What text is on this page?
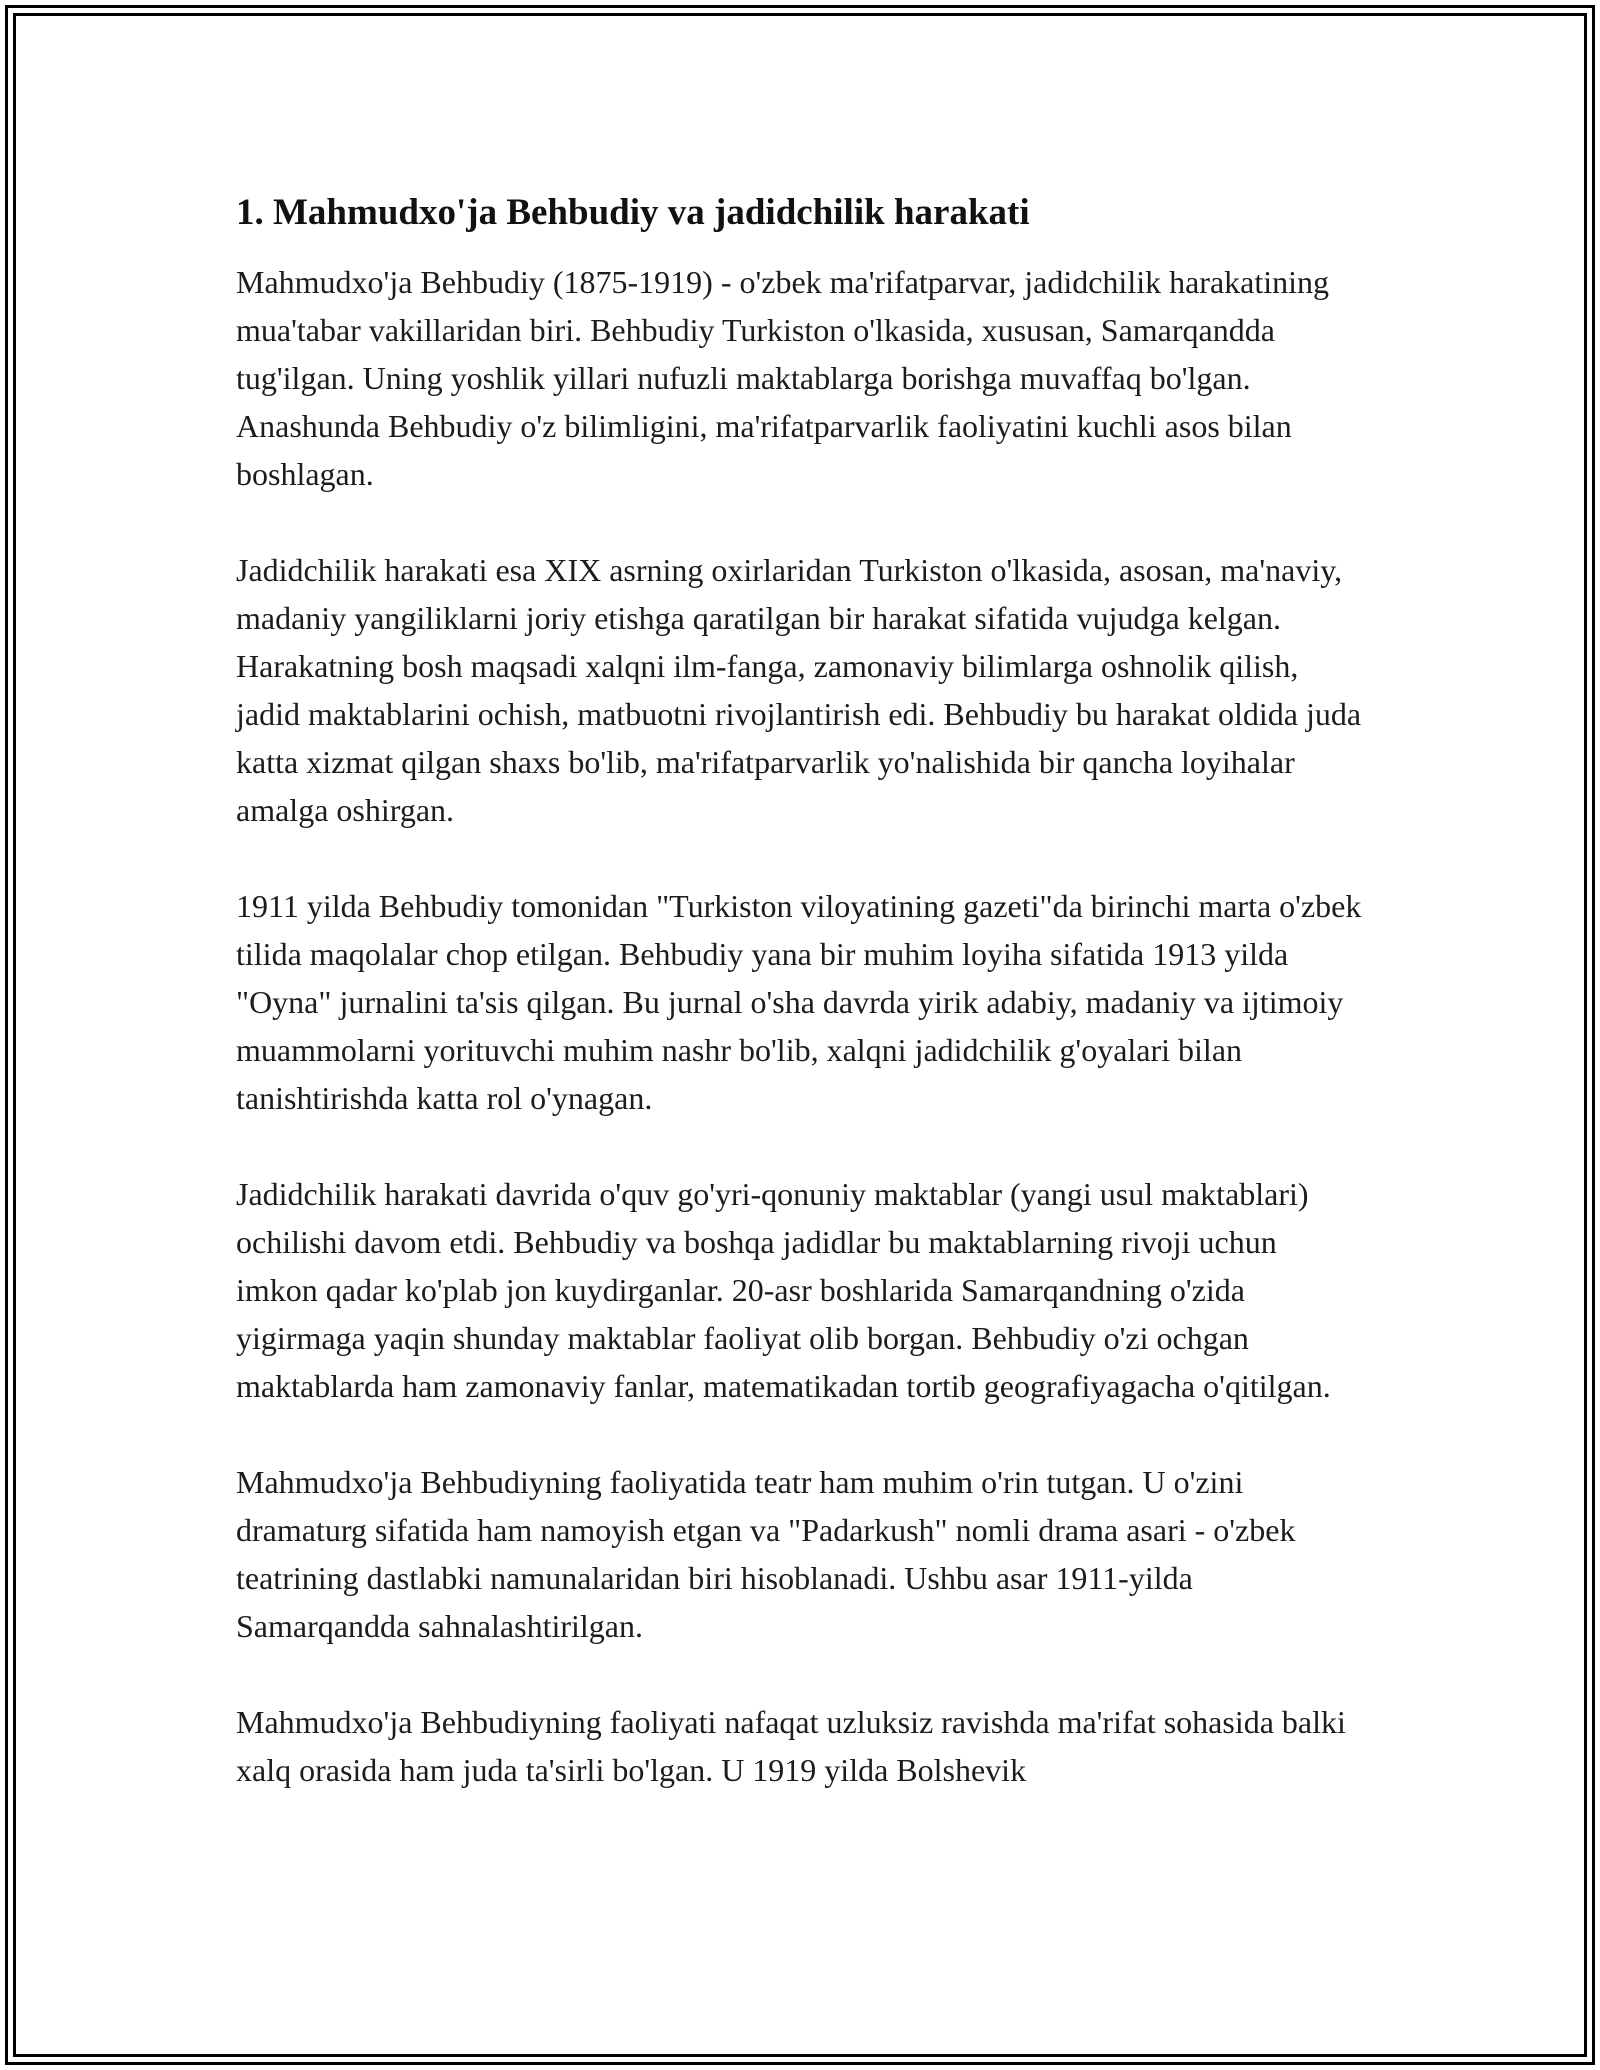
1. Mahmudxo'ja Behbudiy va jadidchilik harakati

Mahmudxo'ja Behbudiy (1875-1919) - o'zbek ma'rifatparvar, jadidchilik harakatining mua'tabar vakillaridan biri. Behbudiy Turkiston o'lkasida, xususan, Samarqandda tug'ilgan. Uning yoshlik yillari nufuzli maktablarga borishga muvaffaq bo'lgan. Anashunda Behbudiy o'z bilimligini, ma'rifatparvarlik faoliyatini kuchli asos bilan boshlagan.

Jadidchilik harakati esa XIX asrning oxirlaridan Turkiston o'lkasida, asosan, ma'naviy, madaniy yangiliklarni joriy etishga qaratilgan bir harakat sifatida vujudga kelgan. Harakatning bosh maqsadi xalqni ilm-fanga, zamonaviy bilimlarga oshnolik qilish, jadid maktablarini ochish, matbuotni rivojlantirish edi. Behbudiy bu harakat oldida juda katta xizmat qilgan shaxs bo'lib, ma'rifatparvarlik yo'nalishida bir qancha loyihalar amalga oshirgan.

1911 yilda Behbudiy tomonidan "Turkiston viloyatining gazeti"da birinchi marta o'zbek tilida maqolalar chop etilgan. Behbudiy yana bir muhim loyiha sifatida 1913 yilda "Oyna" jurnalini ta'sis qilgan. Bu jurnal o'sha davrda yirik adabiy, madaniy va ijtimoiy muammolarni yorituvchi muhim nashr bo'lib, xalqni jadidchilik g'oyalari bilan tanishtirishda katta rol o'ynagan.

Jadidchilik harakati davrida o'quv go'yri-qonuniy maktablar (yangi usul maktablari) ochilishi davom etdi. Behbudiy va boshqa jadidlar bu maktablarning rivoji uchun imkon qadar ko'plab jon kuydirganlar. 20-asr boshlarida Samarqandning o'zida yigirmaga yaqin shunday maktablar faoliyat olib borgan. Behbudiy o'zi ochgan maktablarda ham zamonaviy fanlar, matematikadan tortib geografiyagacha o'qitilgan.

Mahmudxo'ja Behbudiyning faoliyatida teatr ham muhim o'rin tutgan. U o'zini dramaturg sifatida ham namoyish etgan va "Padarkush" nomli drama asari - o'zbek teatrining dastlabki namunalaridan biri hisoblanadi. Ushbu asar 1911-yilda Samarqandda sahnalashtirilgan.

Mahmudxo'ja Behbudiyning faoliyati nafaqat uzluksiz ravishda ma'rifat sohasida balki xalq orasida ham juda ta'sirli bo'lgan. U 1919 yilda Bolshevik
